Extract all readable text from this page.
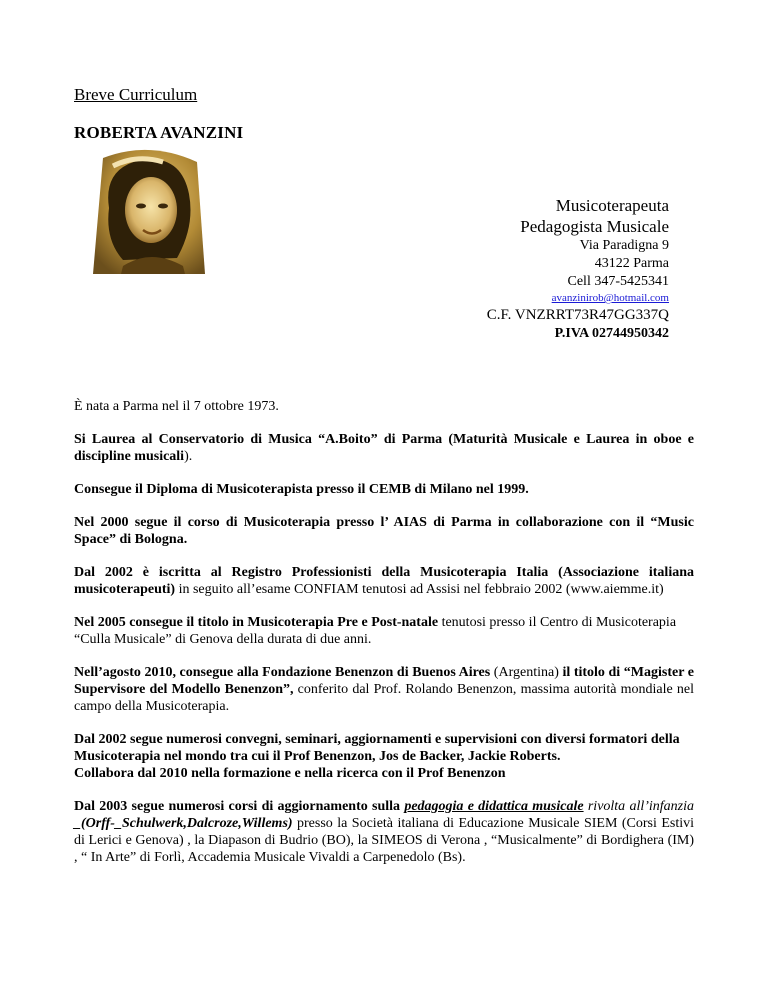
Breve Curriculum
ROBERTA AVANZINI
Musicoterapeuta
Pedagogista Musicale
Via Paradigna 9
43122 Parma
Cell 347-5425341
avanzinirob@hotmail.com
C.F. VNZRRT73R47GG337Q
P.IVA 02744950342

È nata a Parma nel il 7 ottobre 1973.

Si Laurea al Conservatorio di Musica “A.Boito” di Parma (Maturità Musicale e Laurea in oboe e discipline musicali).

Consegue il Diploma di Musicoterapista presso il CEMB di Milano nel 1999.

Nel 2000 segue il corso di Musicoterapia presso l’ AIAS di Parma in collaborazione con il “Music Space” di Bologna.

Dal 2002 è iscritta al Registro Professionisti della Musicoterapia Italia (Associazione italiana musicoterapeuti) in seguito all’esame CONFIAM tenutosi ad Assisi nel febbraio 2002 (www.aiemme.it)

Nel 2005 consegue il titolo in Musicoterapia Pre e Post-natale tenutosi presso il Centro di Musicoterapia “Culla Musicale” di Genova della durata di due anni.

Nell’agosto 2010, consegue alla Fondazione Benenzon di Buenos Aires (Argentina) il titolo di “Magister e Supervisore del Modello Benenzon”, conferito dal Prof. Rolando Benenzon, massima autorità mondiale nel campo della Musicoterapia.

Dal 2002 segue numerosi convegni, seminari, aggiornamenti e supervisioni con diversi formatori della Musicoterapia nel mondo tra cui il Prof Benenzon, Jos de Backer, Jackie Roberts.
Collabora dal 2010 nella formazione e nella ricerca con il Prof Benenzon

Dal 2003 segue numerosi corsi di aggiornamento sulla pedagogia e didattica musicale rivolta all’infanzia _(Orff-_Schulwerk,Dalcroze,Willems) presso la Società italiana di Educazione Musicale SIEM (Corsi Estivi di Lerici e Genova) , la Diapason di Budrio (BO), la SIMEOS di Verona , “Musicalmente” di Bordighera (IM) , “ In Arte” di Forlì, Accademia Musicale Vivaldi a Carpenedolo (Bs).
